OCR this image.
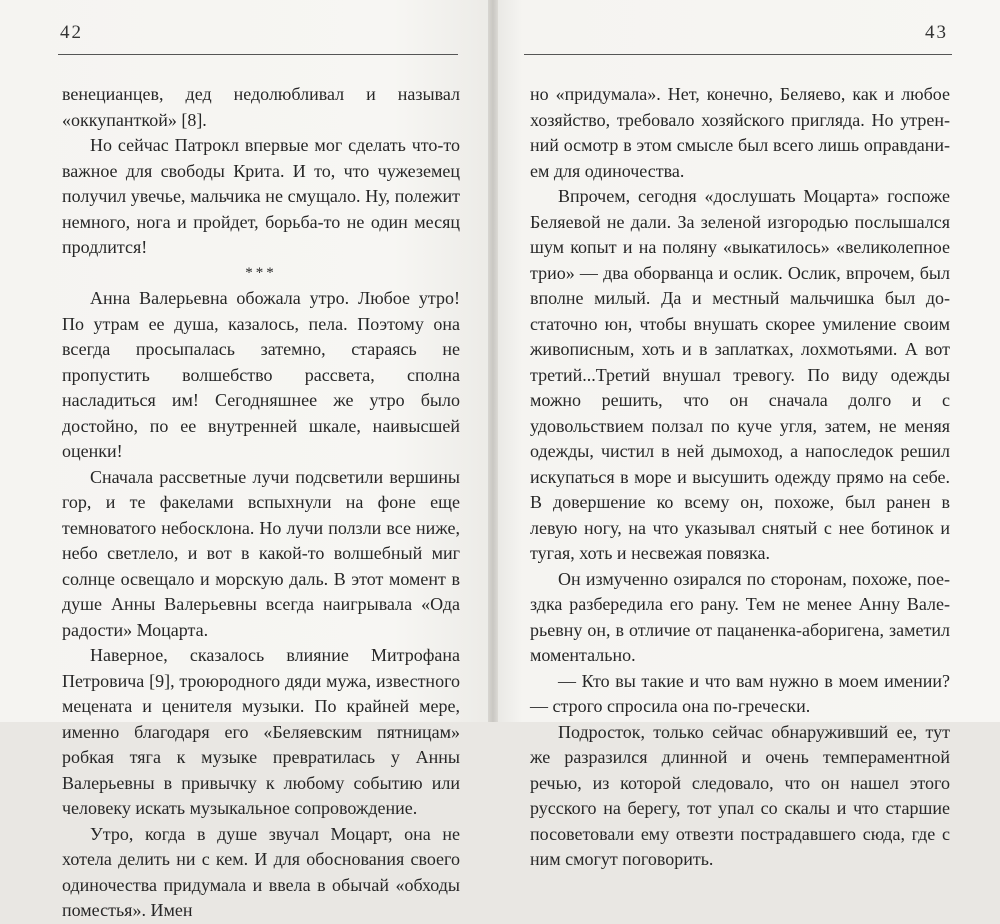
42

венецианцев, дед недолюбливал и называл «оккупанткой» [8].

Но сейчас Патрокл впервые мог сделать что-то важное для свободы Крита. И то, что чужеземец получил увечье, мальчика не смущало. Ну, полежит немного, нога и пройдет, борьба-то не один месяц продлится!

***

Анна Валерьевна обожала утро. Любое утро! По утрам ее душа, казалось, пела. Поэтому она всегда просыпалась затемно, стараясь не пропустить волшебство рассвета, сполна насладиться им! Сегодняшнее же утро было достойно, по ее внутренней шкале, наивысшей оценки!

Сначала рассветные лучи подсветили вершины гор, и те факелами вспыхнули на фоне еще темноватого небосклона. Но лучи ползли все ниже, небо светлело, и вот в какой-то волшебный миг солнце освещало и морскую даль. В этот момент в душе Анны Валерьевны всегда наигрывала «Ода радости» Моцарта.

Наверное, сказалось влияние Митрофана Петровича [9], троюродного дяди мужа, известного мецената и ценителя музыки. По крайней мере, именно благодаря его «Беляевским пятницам» робкая тяга к музыке превратилась у Анны Валерьевны в привычку к любому событию или человеку искать музыкальное сопровождение.

Утро, когда в душе звучал Моцарт, она не хотела делить ни с кем. И для обоснования своего одиночества придумала и ввела в обычай «обходы поместья». Имен

43

но «придумала». Нет, конечно, Беляево, как и любое хозяйство, требовало хозяйского пригляда. Но утренний осмотр в этом смысле был всего лишь оправданием для одиночества.

Впрочем, сегодня «дослушать Моцарта» госпоже Беляевой не дали. За зеленой изгородью послышался шум копыт и на поляну «выкатилось» «великолепное трио» — два оборванца и ослик. Ослик, впрочем, был вполне милый. Да и местный мальчишка был достаточно юн, чтобы внушать скорее умиление своим живописным, хоть и в заплатках, лохмотьями. А вот третий...Третий внушал тревогу. По виду одежды можно решить, что он сначала долго и с удовольствием ползал по куче угля, затем, не меняя одежды, чистил в ней дымоход, а напоследок решил искупаться в море и высушить одежду прямо на себе. В довершение ко всему он, похоже, был ранен в левую ногу, на что указывал снятый с нее ботинок и тугая, хоть и несвежая повязка.

Он измученно озирался по сторонам, похоже, поездка разбередила его рану. Тем не менее Анну Валерьевну он, в отличие от пацаненка-аборигена, заметил моментально.

— Кто вы такие и что вам нужно в моем имении? — строго спросила она по-гречески.

Подросток, только сейчас обнаруживший ее, тут же разразился длинной и очень темпераментной речью, из которой следовало, что он нашел этого русского на берегу, тот упал со скалы и что старшие посоветовали ему отвезти пострадавшего сюда, где с ним смогут поговорить.
